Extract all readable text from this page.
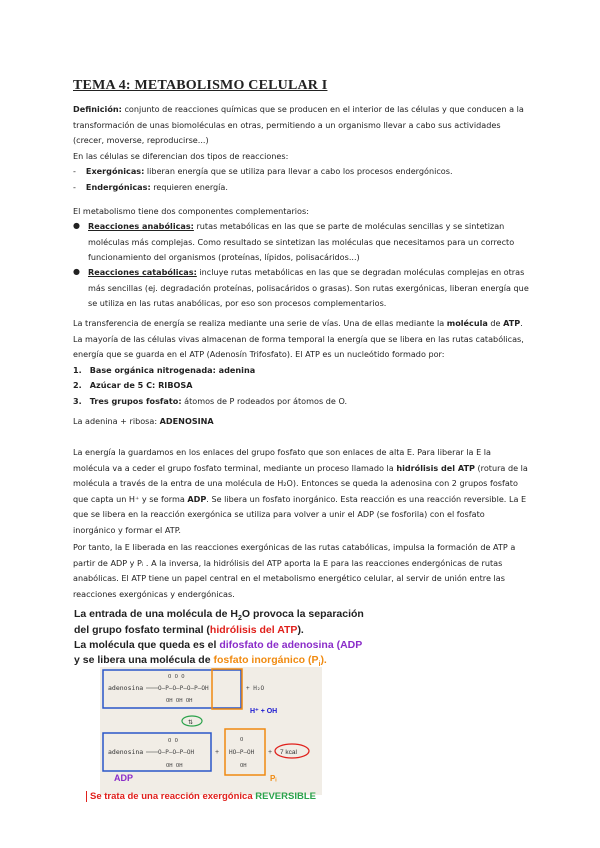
TEMA 4: METABOLISMO CELULAR I
Definición: conjunto de reacciones químicas que se producen en el interior de las células y que conducen a la
transformación de unas biomoléculas en otras, permitiendo a un organismo llevar a cabo sus actividades
(crecer, moverse, reproducirse...)
En las células se diferencian dos tipos de reacciones:
- Exergónicas: liberan energía que se utiliza para llevar a cabo los procesos endergónicos.
- Endergónicas: requieren energía.
El metabolismo tiene dos componentes complementarios:
● Reacciones anabólicas: rutas metabólicas en las que se parte de moléculas sencillas y se sintetizan
moléculas más complejas. Como resultado se sintetizan las moléculas que necesitamos para un correcto
funcionamiento del organismos (proteínas, lípidos, polisacáridos...)
● Reacciones catabólicas: incluye rutas metabólicas en las que se degradan moléculas complejas en otras
más sencillas (ej. degradación proteínas, polisacáridos o grasas). Son rutas exergónicas, liberan energía que
se utiliza en las rutas anabólicas, por eso son procesos complementarios.
La transferencia de energía se realiza mediante una serie de vías. Una de ellas mediante la molécula de ATP.
La mayoría de las células vivas almacenan de forma temporal la energía que se libera en las rutas catabólicas,
energía que se guarda en el ATP (Adenosín Trifosfato). El ATP es un nucleótido formado por:
1. Base orgánica nitrogenada: adenina
2. Azúcar de 5 C: RIBOSA
3. Tres grupos fosfato: átomos de P rodeados por átomos de O.
La adenina + ribosa: ADENOSINA
La energía la guardamos en los enlaces del grupo fosfato que son enlaces de alta E. Para liberar la E la
molécula va a ceder el grupo fosfato terminal, mediante un proceso llamado la hidrólisis del ATP (rotura de la
molécula a través de la entra de una molécula de H₂O). Entonces se queda la adenosina con 2 grupos fosfato
que capta un H⁺ y se forma ADP. Se libera un fosfato inorgánico. Esta reacción es una reacción reversible. La E
que se libera en la reacción exergónica se utiliza para volver a unir el ADP (se fosforila) con el fosfato
inorgánico y formar el ATP.
Por tanto, la E liberada en las reacciones exergónicas de las rutas catabólicas, impulsa la formación de ATP a
partir de ADP y Pᵢ . A la inversa, la hidrólisis del ATP aporta la E para las reacciones endergónicas de rutas
anabólicas. El ATP tiene un papel central en el metabolismo energético celular, al servir de unión entre las
reacciones exergónicas y endergónicas.
La entrada de una molécula de $H_2O$ provoca la separación
del grupo fosfato terminal (hidrólisis del ATP).
La molécula que queda es el difosfato de adenosina (ADP
y se libera una molécula de fosfato inorgánico $(P_i)$.
adenosina O–P–O–P–O–P–OH
O O O
OH OH OH
+ H₂O
⇅
H⁺ + OH
adenosina O–P–O–P–OH
O O
OH OH
ADP
+ HO–P–OH
O
OH
Pᵢ
+ 7 kcal
Se trata de una reacción exergónica REVERSIBLE
